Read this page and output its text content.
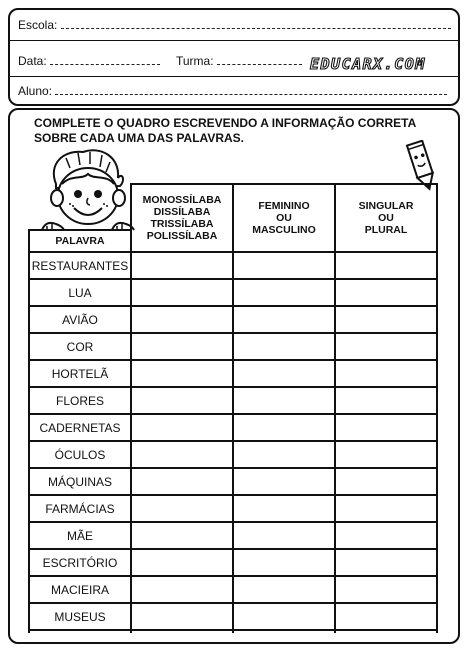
Escola:
Data:	Turma:	EDUCARX.COM
Aluno:
COMPLETE O QUADRO ESCREVENDO A INFORMAÇÃO CORRETA SOBRE CADA UMA DAS PALAVRAS.
MONOSSÍLABA
DISSÍLABA
TRISSÍLABA
POLISSÍLABA
FEMININO
OU
MASCULINO
SINGULAR
OU
PLURAL
PALAVRA
RESTAURANTES
LUA
AVIÃO
COR
HORTELÃ
FLORES
CADERNETAS
ÓCULOS
MÁQUINAS
FARMÁCIAS
MÃE
ESCRITÓRIO
MACIEIRA
MUSEUS
